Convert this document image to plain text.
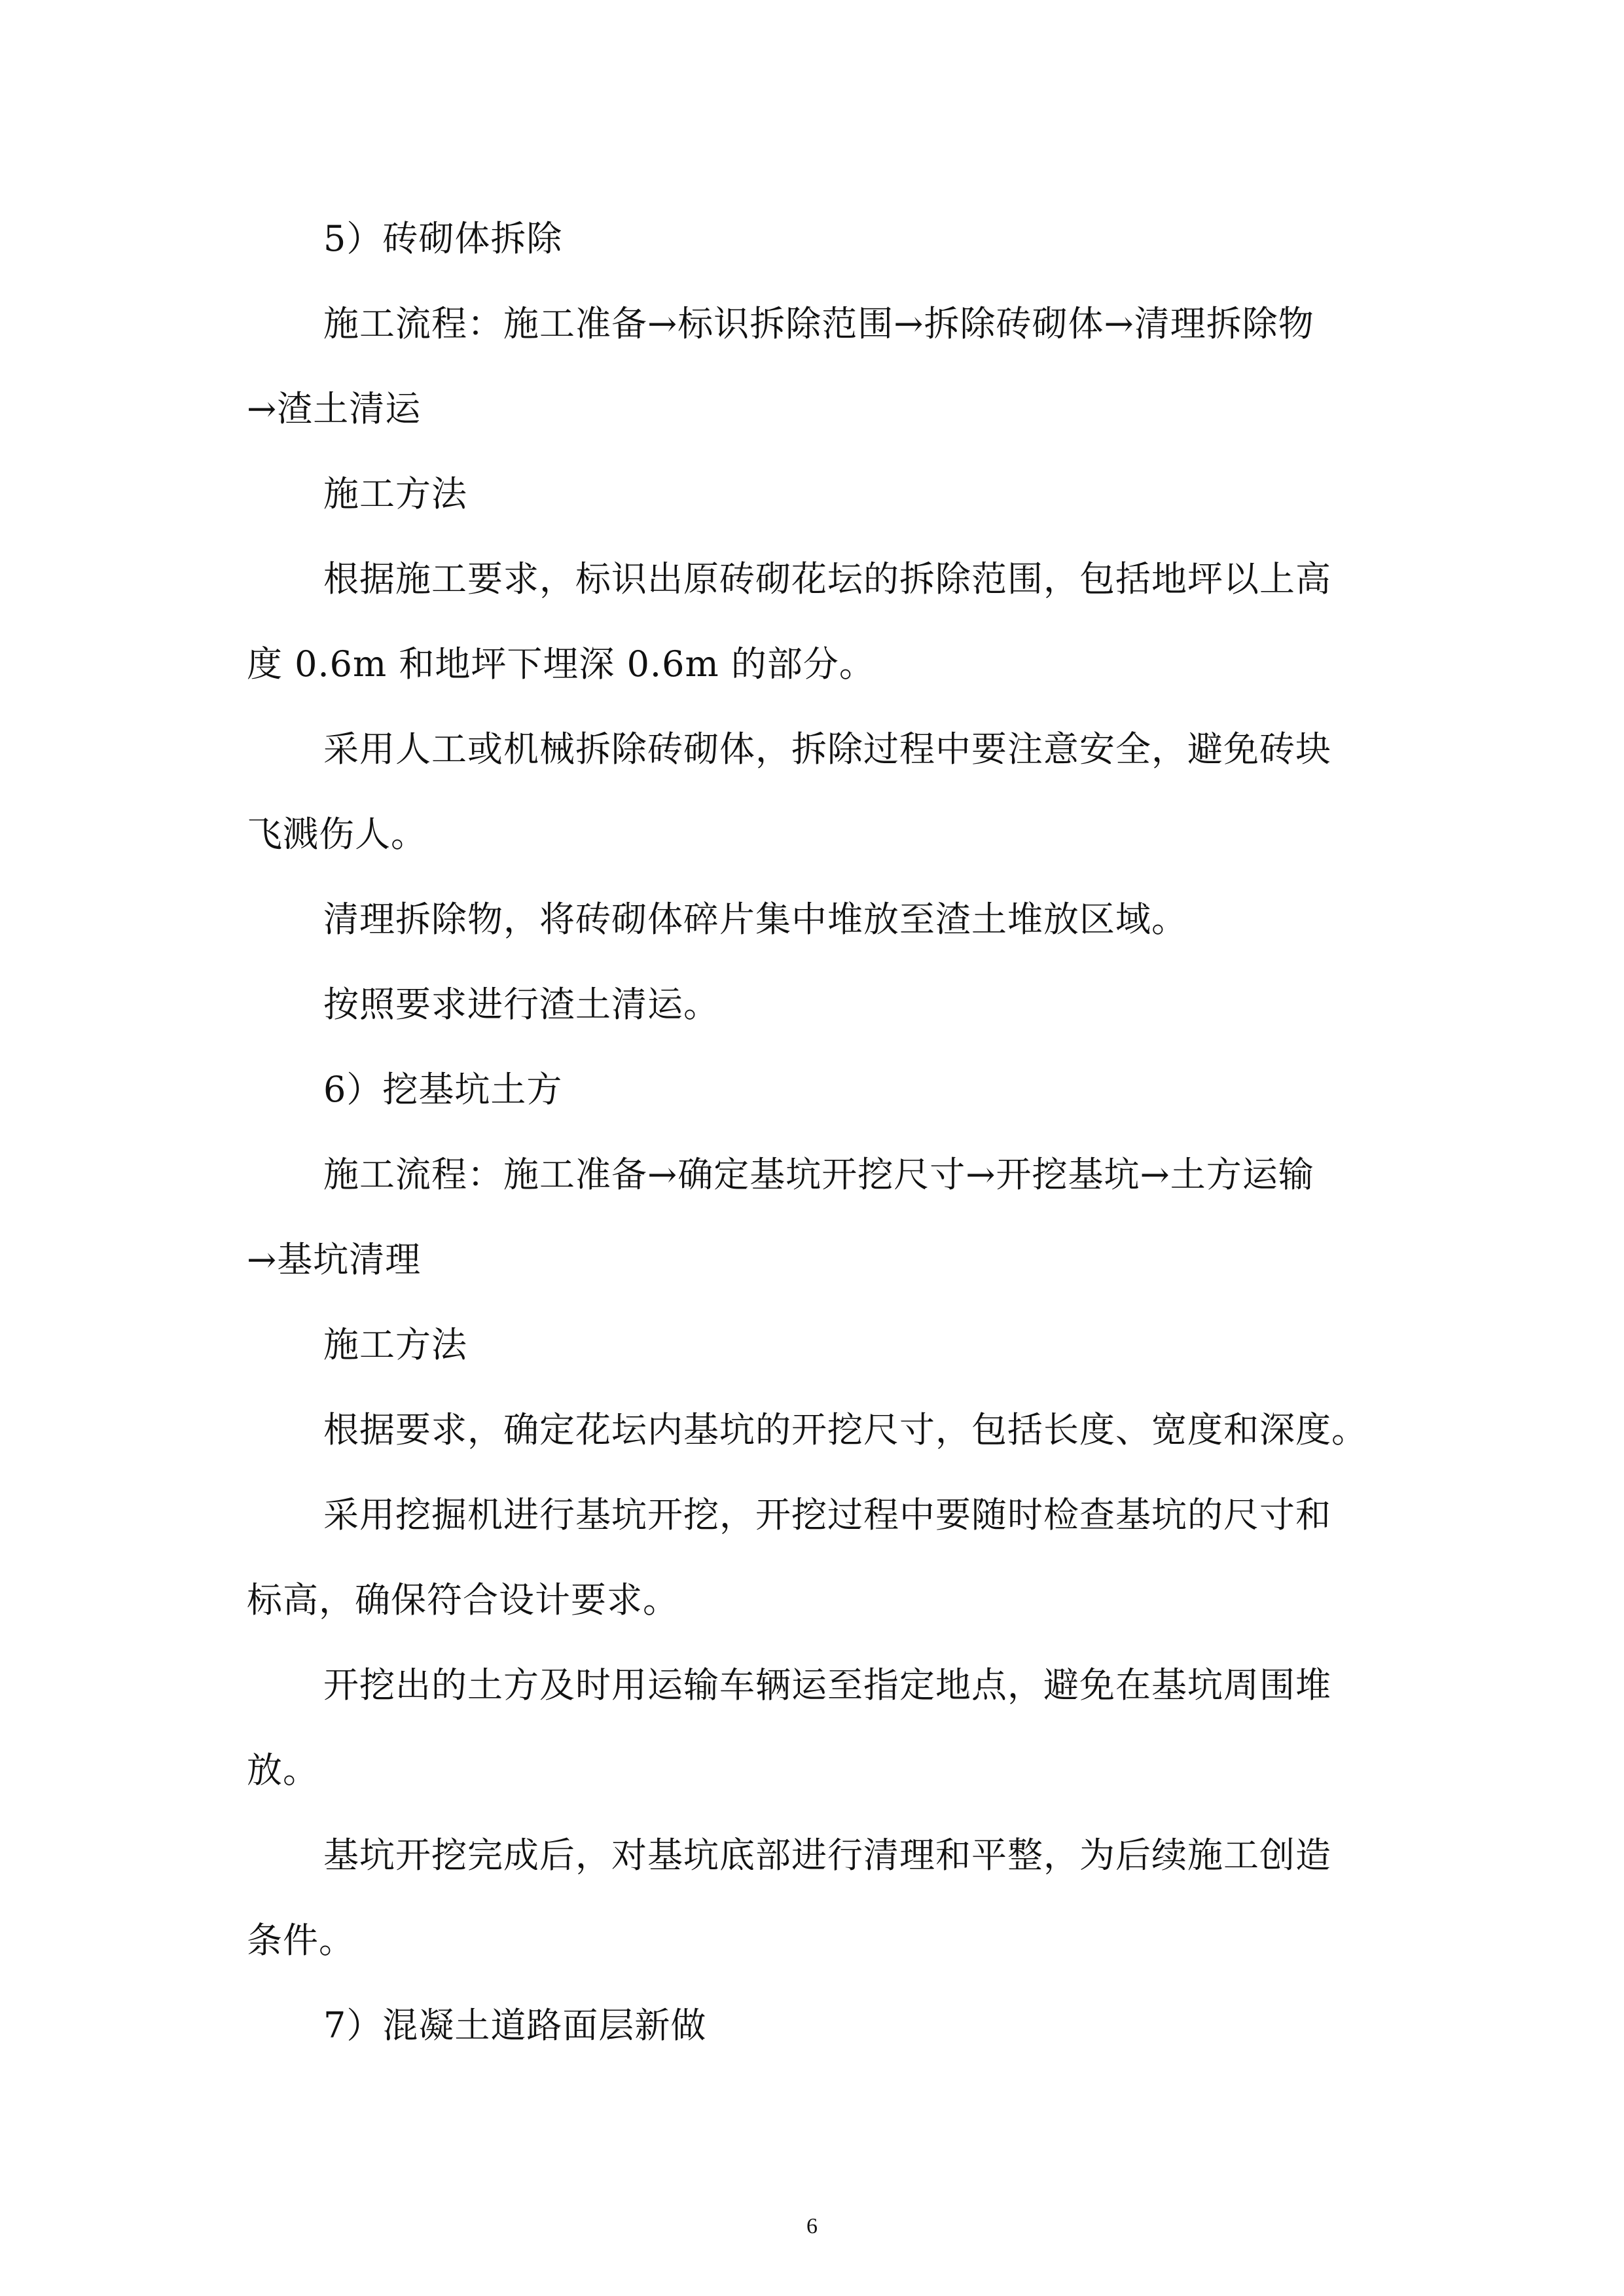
5）砖砌体拆除
施工流程：施工准备→标识拆除范围→拆除砖砌体→清理拆除物
→渣土清运
施工方法
根据施工要求，标识出原砖砌花坛的拆除范围，包括地坪以上高
度 0.6m 和地坪下埋深 0.6m 的部分。
采用人工或机械拆除砖砌体，拆除过程中要注意安全，避免砖块
飞溅伤人。
清理拆除物，将砖砌体碎片集中堆放至渣土堆放区域。
按照要求进行渣土清运。
6）挖基坑土方
施工流程：施工准备→确定基坑开挖尺寸→开挖基坑→土方运输
→基坑清理
施工方法
根据要求，确定花坛内基坑的开挖尺寸，包括长度、宽度和深度。
采用挖掘机进行基坑开挖，开挖过程中要随时检查基坑的尺寸和
标高，确保符合设计要求。
开挖出的土方及时用运输车辆运至指定地点，避免在基坑周围堆
放。
基坑开挖完成后，对基坑底部进行清理和平整，为后续施工创造
条件。
7）混凝土道路面层新做
6
